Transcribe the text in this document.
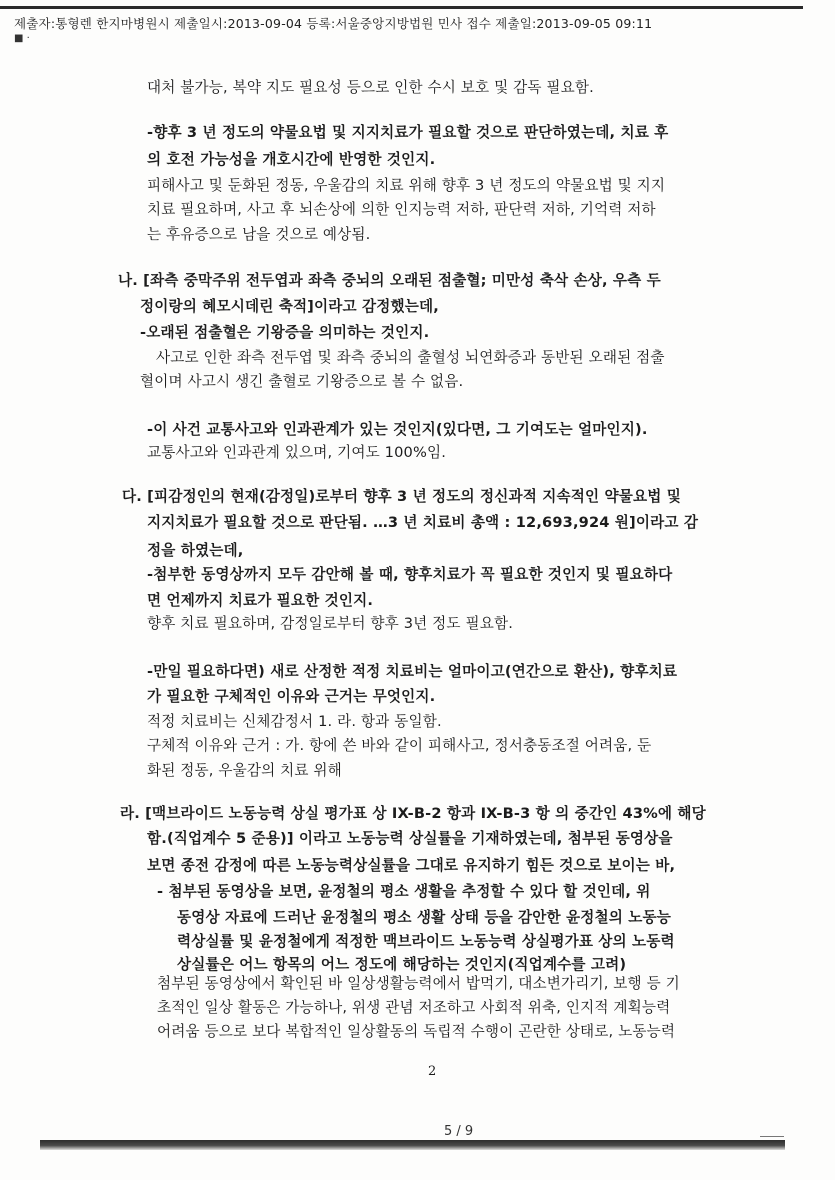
제출자:통형렌 한지마병원시 제출일시:2013-09-04 등록:서울중앙지방법원 민사 접수 제출일:2013-09-05 09:11
■ ·
대처 불가능, 복약 지도 필요성 등으로 인한 수시 보호 및 감독 필요함.
-향후 3 년 정도의 약물요법 및 지지치료가 필요할 것으로 판단하였는데, 치료 후
의 호전 가능성을 개호시간에 반영한 것인지.
피해사고 및 둔화된 정동, 우울감의 치료 위해 향후 3 년 정도의 약물요법 및 지지
치료 필요하며, 사고 후 뇌손상에 의한 인지능력 저하, 판단력 저하, 기억력 저하
는 후유증으로 남을 것으로 예상됨.
나. [좌측 중막주위 전두엽과 좌측 중뇌의 오래된 점출혈; 미만성 축삭 손상, 우측 두
정이랑의 혜모시데린 축적]이라고 감정했는데,
-오래된 점출혈은 기왕증을 의미하는 것인지.
사고로 인한 좌측 전두엽 및 좌측 중뇌의 출혈성 뇌연화증과 동반된 오래된 점출
혈이며 사고시 생긴 출혈로 기왕증으로 볼 수 없음.
-이 사건 교통사고와 인과관계가 있는 것인지(있다면, 그 기여도는 얼마인지).
교통사고와 인과관계 있으며, 기여도 100%임.
다. [피감정인의 현재(감정일)로부터 향후 3 년 정도의 정신과적 지속적인 약물요법 및
지지치료가 필요할 것으로 판단됨. …3 년 치료비 총액 : 12,693,924 원]이라고 감
정을 하였는데,
-첨부한 동영상까지 모두 감안해 볼 때, 향후치료가 꼭 필요한 것인지 및 필요하다
면 언제까지 치료가 필요한 것인지.
향후 치료 필요하며, 감정일로부터 향후 3년 정도 필요함.
-만일 필요하다면) 새로 산정한 적정 치료비는 얼마이고(연간으로 환산), 향후치료
가 필요한 구체적인 이유와 근거는 무엇인지.
적정 치료비는 신체감정서 1. 라. 항과 동일함.
구체적 이유와 근거 : 가. 항에 쓴 바와 같이 피해사고, 정서충동조절 어려움, 둔
화된 정동, 우울감의 치료 위해
라. [맥브라이드 노동능력 상실 평가표 상 IX-B-2 항과 IX-B-3 항 의 중간인 43%에 해당
함.(직업계수 5 준용)] 이라고 노동능력 상실률을 기재하였는데, 첨부된 동영상을
보면 종전 감정에 따른 노동능력상실률을 그대로 유지하기 힘든 것으로 보이는 바,
- 첨부된 동영상을 보면, 윤정철의 평소 생활을 추정할 수 있다 할 것인데, 위
동영상 자료에 드러난 윤정철의 평소 생활 상태 등을 감안한 윤정철의 노동능
력상실률 및 윤정철에게 적정한 맥브라이드 노동능력 상실평가표 상의 노동력
상실률은 어느 항목의 어느 정도에 해당하는 것인지(직업계수를 고려)
첨부된 동영상에서 확인된 바 일상생활능력에서 밥먹기, 대소변가리기, 보행 등 기
초적인 일상 활동은 가능하나, 위생 관념 저조하고 사회적 위축, 인지적 계획능력
어려움 등으로 보다 복합적인 일상활동의 독립적 수행이 곤란한 상태로, 노동능력
2
5 / 9
